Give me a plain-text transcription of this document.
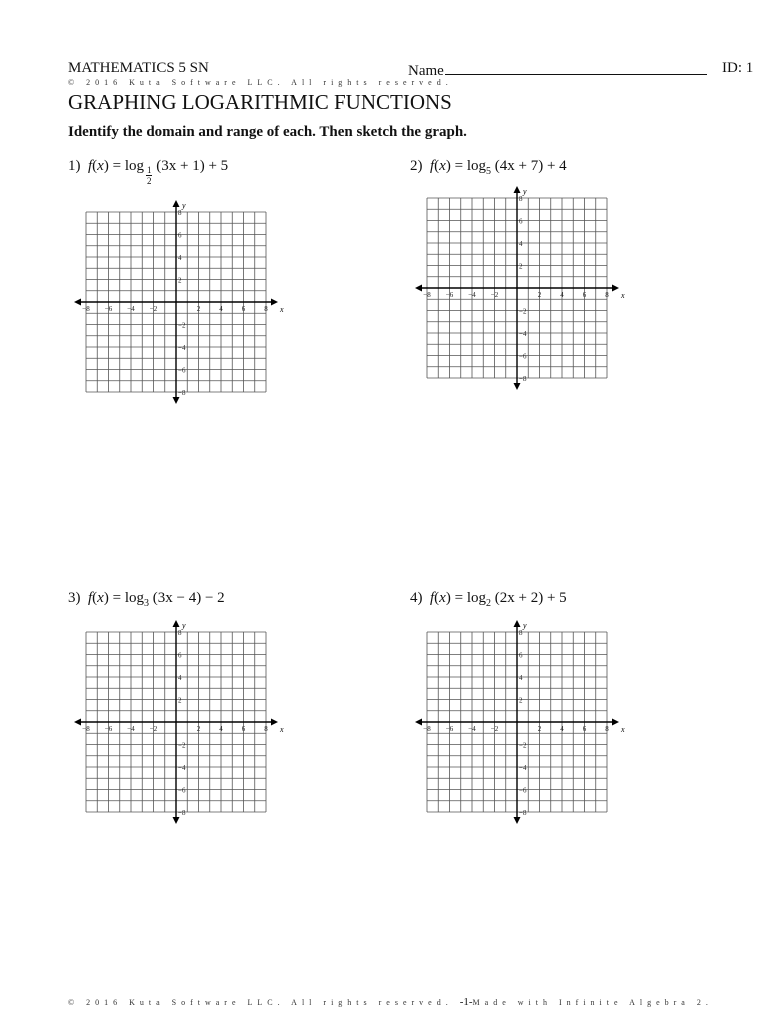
MATHEMATICS 5 SN	Name	ID: 1
© 2016 Kuta Software LLC. All rights reserved.
GRAPHING LOGARITHMIC FUNCTIONS
Identify the domain and range of each. Then sketch the graph.
1) $f(x) = \log \frac{1}{2} (3x + 1) + 5$	2) $f(x) = \log_5 (4x + 7) + 4$
3) $f(x) = \log_3 (3x - 4) - 2$	4) $f(x) = \log_2 (2x + 2) + 5$
−8 −6 −4 −2	2	4	6	8
8
6
4
2
−2
−4
−6
−8
x
y
−8 −6 −4 −2	2	4	6	8
8
6
4
2
−2
−4
−6
−8
x
y
−8 −6 −4 −2	2	4	6	8
8
6
4
2
−2
−4
−6
−8
x
y
−8 −6 −4 −2	2	4	6	8
8
6
4
2
−2
−4
−6
−8
x
y
© 2016 Kuta Software LLC. All rights reserved. -1-Made with Infinite Algebra 2.
